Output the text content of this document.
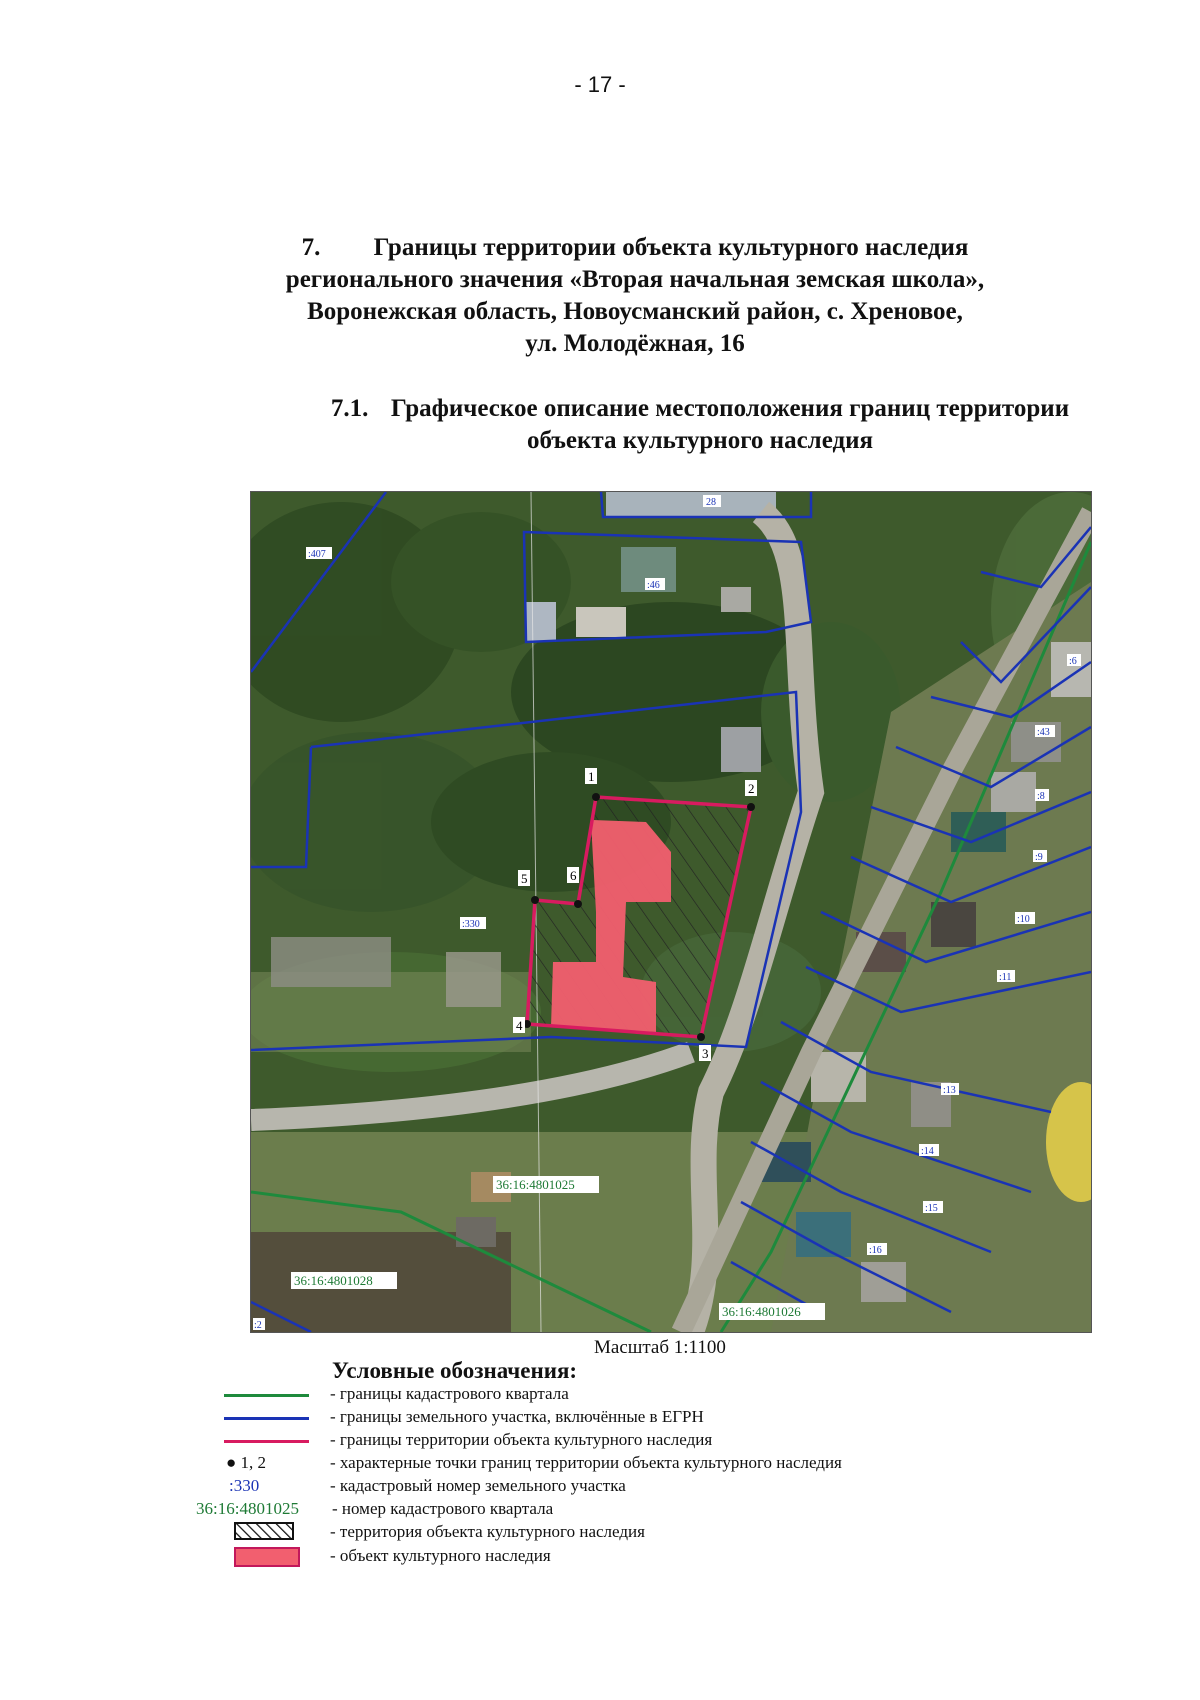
- 17 -
7. Границы территории объекта культурного наследия
регионального значения «Вторая начальная земская школа»,
Воронежская область, Новоусманский район, с. Хреновое,
ул. Молодёжная, 16
7.1. Графическое описание местоположения границ территории
объекта культурного наследия
1
2
3
4
5	6
28
:407
:46
:6
:43
:8
:9
:330	:10
:11
:13
:14
:15
:16
:2
36:16:4801025
36:16:4801028
36:16:4801026
Масштаб 1:1100
Условные обозначения:
- границы кадастрового квартала
- границы земельного участка, включённые в ЕГРН
- границы территории объекта культурного наследия
● 1, 2	- характерные точки границ территории объекта культурного наследия
:330	- кадастровый номер земельного участка
36:16:4801025 - номер кадастрового квартала
- территория объекта культурного наследия
- объект культурного наследия
